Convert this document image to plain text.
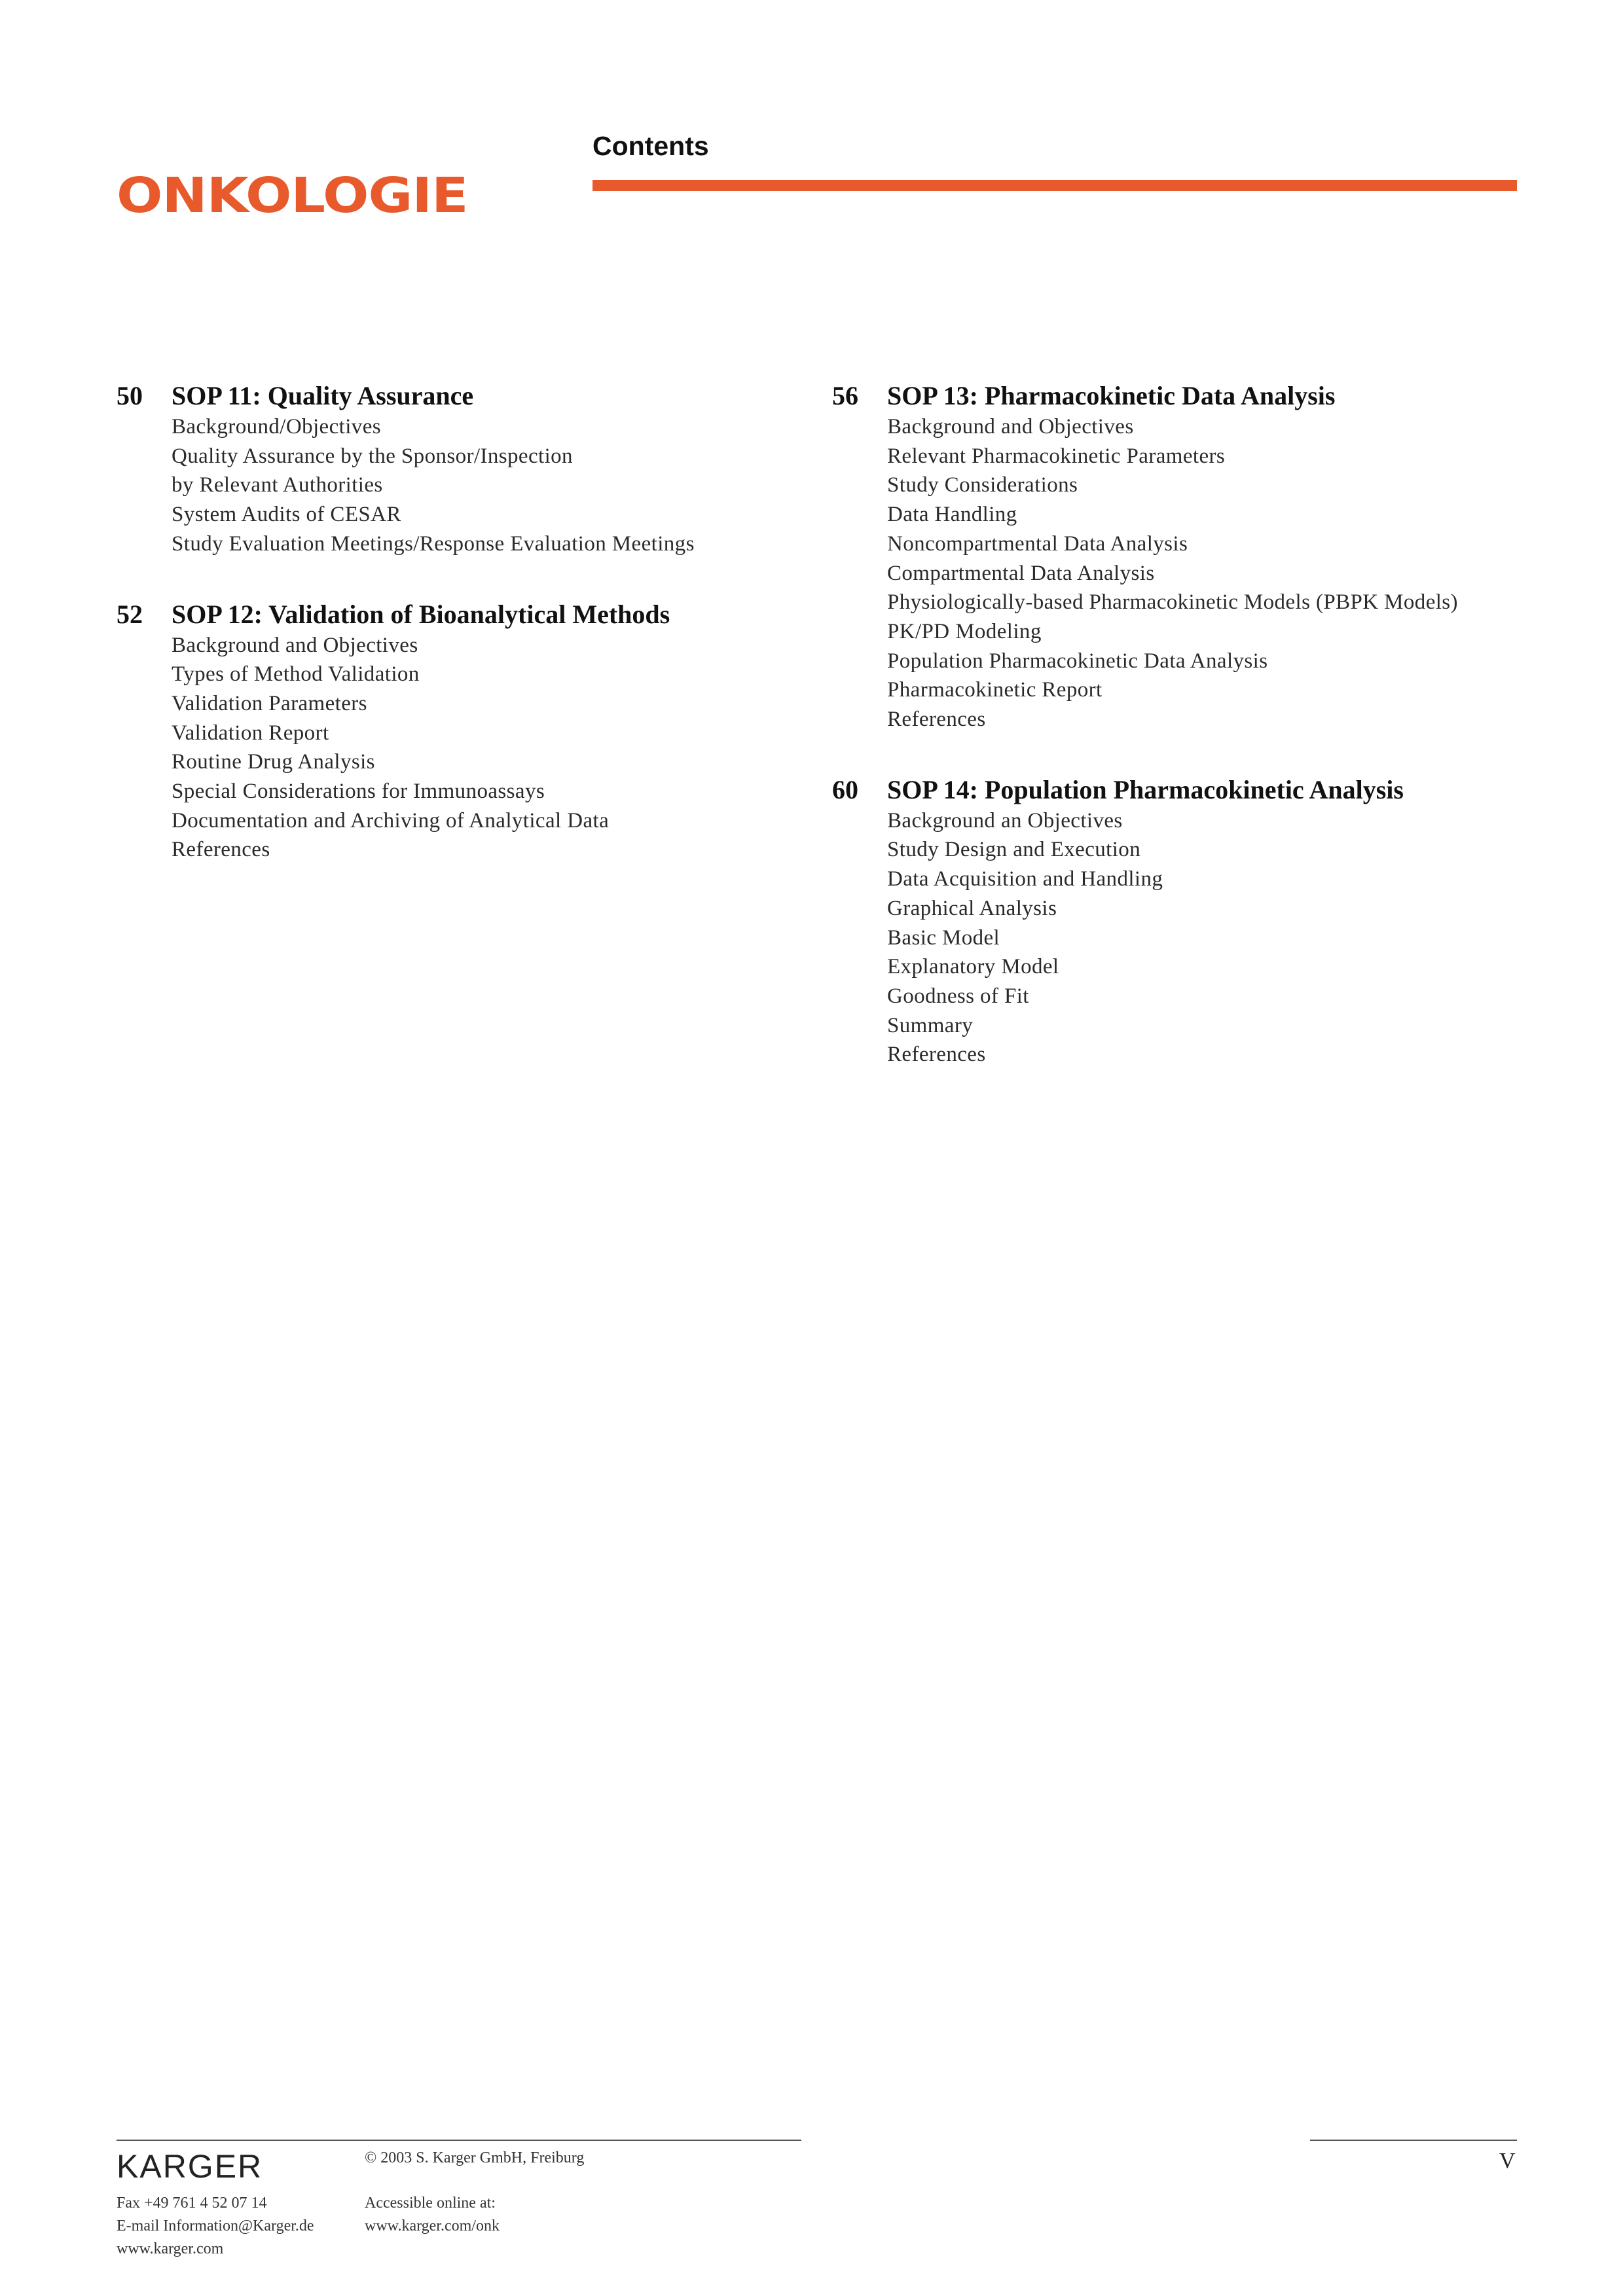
ONKOLOGIE
Contents
50	SOP 11: Quality Assurance
Background/Objectives
Quality Assurance by the Sponsor/Inspection
by Relevant Authorities
System Audits of CESAR
Study Evaluation Meetings/Response Evaluation Meetings
52	SOP 12: Validation of Bioanalytical Methods
Background and Objectives
Types of Method Validation
Validation Parameters
Validation Report
Routine Drug Analysis
Special Considerations for Immunoassays
Documentation and Archiving of Analytical Data
References
56	SOP 13: Pharmacokinetic Data Analysis
Background and Objectives
Relevant Pharmacokinetic Parameters
Study Considerations
Data Handling
Noncompartmental Data Analysis
Compartmental Data Analysis
Physiologically-based Pharmacokinetic Models (PBPK Models)
PK/PD Modeling
Population Pharmacokinetic Data Analysis
Pharmacokinetic Report
References
60	SOP 14: Population Pharmacokinetic Analysis
Background an Objectives
Study Design and Execution
Data Acquisition and Handling
Graphical Analysis
Basic Model
Explanatory Model
Goodness of Fit
Summary
References
KARGER	© 2003 S. Karger GmbH, Freiburg
Fax +49 761 4 52 07 14
E-mail Information@Karger.de
www.karger.com
Accessible online at:
www.karger.com/onk
V
